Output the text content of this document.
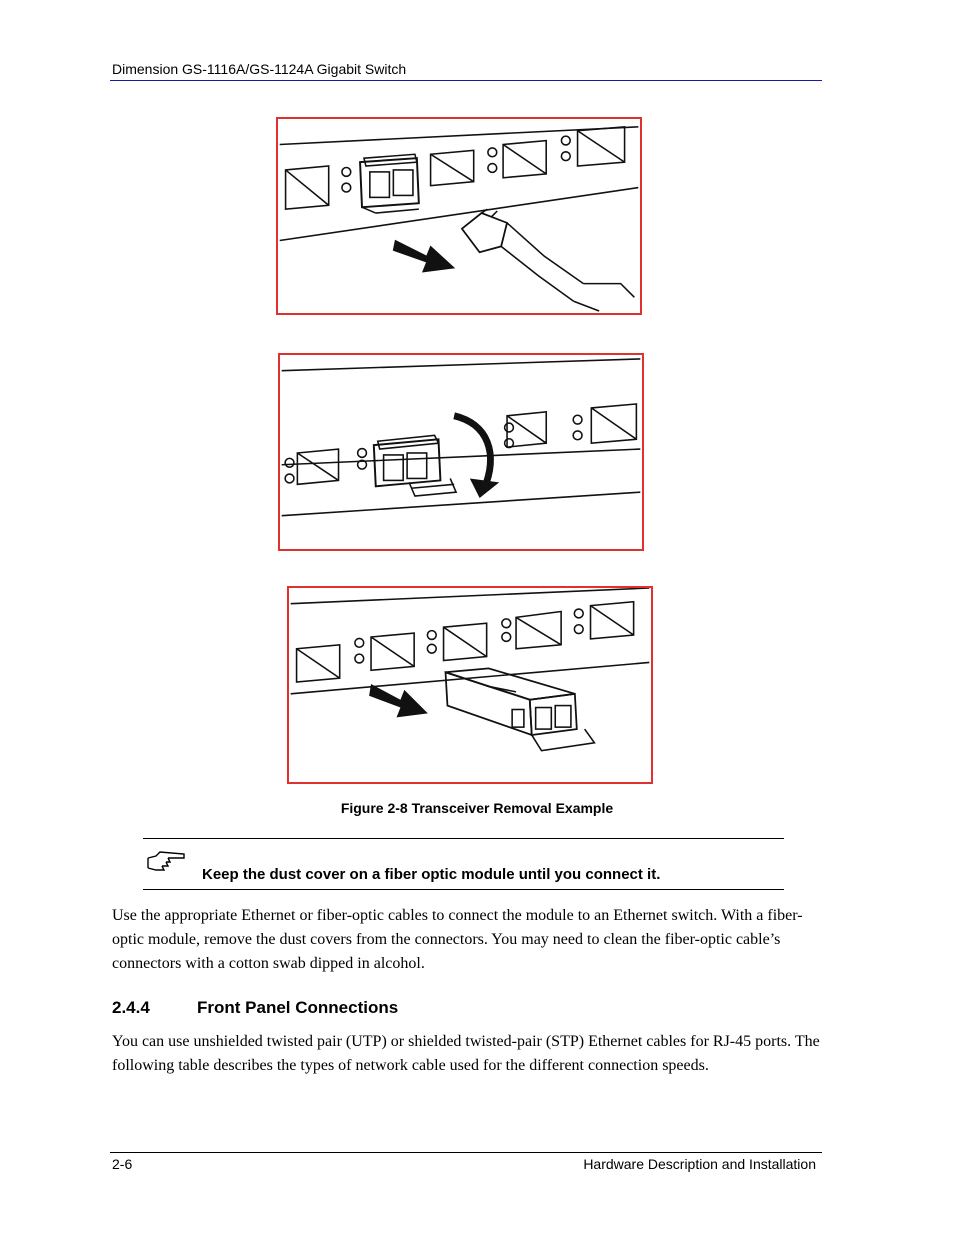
Dimension GS-1116A/GS-1124A Gigabit Switch
Figure 2-8 Transceiver Removal Example
Keep the dust cover on a fiber optic module until you connect it.
Use the appropriate Ethernet or fiber-optic cables to connect the module to an Ethernet switch. With a fiber-optic module, remove the dust covers from the connectors. You may need to clean the fiber-optic cable’s connectors with a cotton swab dipped in alcohol.
2.4.4	Front Panel Connections
You can use unshielded twisted pair (UTP) or shielded twisted-pair (STP) Ethernet cables for RJ-45 ports. The following table describes the types of network cable used for the different connection speeds.
2-6	Hardware Description and Installation
